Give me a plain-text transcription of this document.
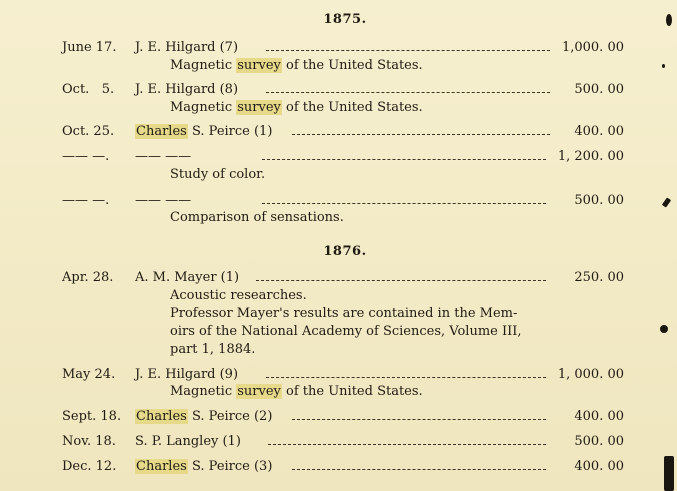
1875.
June 17.	J. E. Hilgard (7)	1,000. 00
Magnetic survey of the United States.
Oct.   5.	J. E. Hilgard (8)	500. 00
Magnetic survey of the United States.
Oct. 25.	Charles S. Peirce (1)	400. 00
—— —.	—— ——	1, 200. 00
Study of color.
—— —.	—— ——	500. 00
Comparison of sensations.
1876.
Apr. 28.	A. M. Mayer (1)	250. 00
Acoustic researches.
Professor Mayer's results are contained in the Mem-
oirs of the National Academy of Sciences, Volume III,
part 1, 1884.
May 24.	J. E. Hilgard (9)	1, 000. 00
Magnetic survey of the United States.
Sept. 18. Charles S. Peirce (2)	400. 00
Nov. 18.	S. P. Langley (1)	500. 00
Dec. 12.	Charles S. Peirce (3)	400. 00
